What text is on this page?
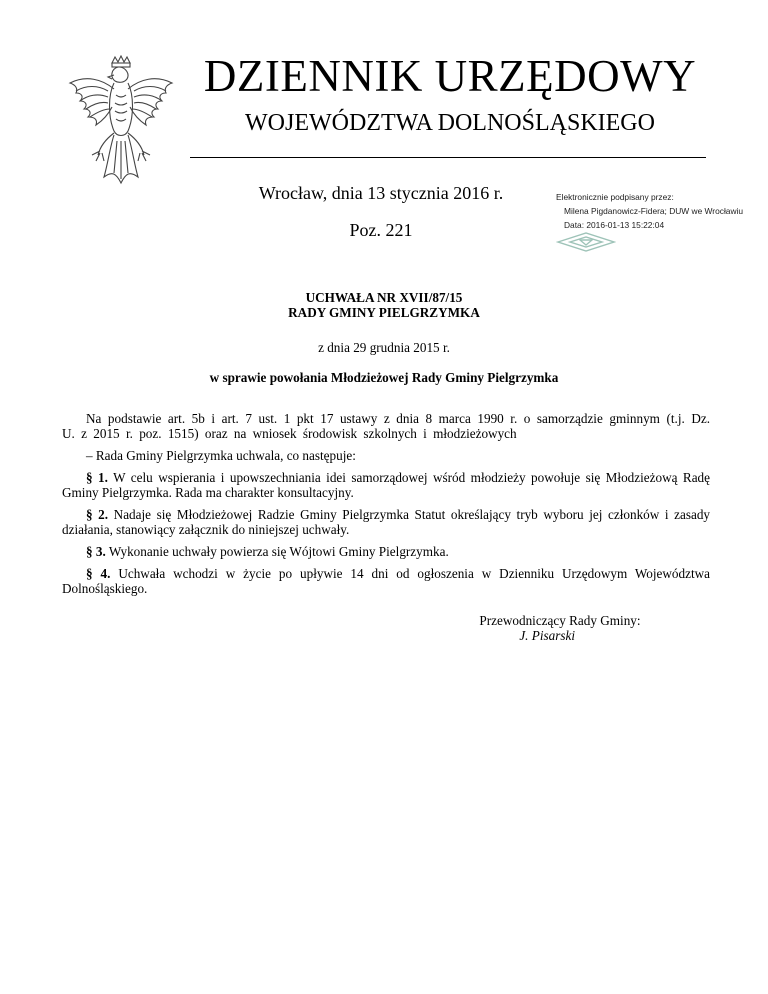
DZIENNIK URZĘDOWY
WOJEWÓDZTWA DOLNOŚLĄSKIEGO
Wrocław, dnia 13 stycznia 2016 r.
Poz. 221
Elektronicznie podpisany przez:
Milena Pigdanowicz-Fidera; DUW we Wrocławiu
Data: 2016-01-13 15:22:04
UCHWAŁA NR XVII/87/15
RADY GMINY PIELGRZYMKA
z dnia 29 grudnia 2015 r.
w sprawie powołania Młodzieżowej Rady Gminy Pielgrzymka

Na podstawie art. 5b i art. 7 ust. 1 pkt 17 ustawy z dnia 8 marca 1990 r. o samorządzie gminnym (t.j. Dz. U. z 2015 r. poz. 1515) oraz na wniosek środowisk szkolnych i młodzieżowych

– Rada Gminy Pielgrzymka uchwala, co następuje:

§ 1. W celu wspierania i upowszechniania idei samorządowej wśród młodzieży powołuje się Młodzieżową Radę Gminy Pielgrzymka. Rada ma charakter konsultacyjny.

§ 2. Nadaje się Młodzieżowej Radzie Gminy Pielgrzymka Statut określający tryb wyboru jej członków i zasady działania, stanowiący załącznik do niniejszej uchwały.

§ 3. Wykonanie uchwały powierza się Wójtowi Gminy Pielgrzymka.

§ 4. Uchwała wchodzi w życie po upływie 14 dni od ogłoszenia w Dzienniku Urzędowym Województwa Dolnośląskiego.

Przewodniczący Rady Gminy:
J. Pisarski
